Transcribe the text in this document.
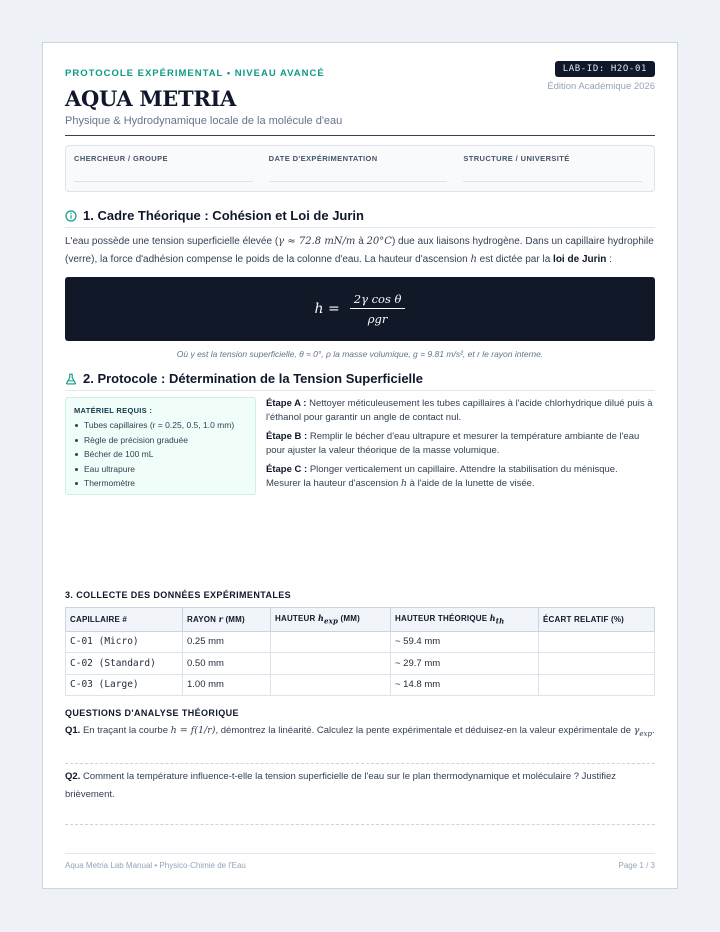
PROTOCOLE EXPÉRIMENTAL • NIVEAU AVANCÉ
AQUA METRIA
Physique & Hydrodynamique locale de la molécule d'eau
LAB-ID: H2O-01
Édition Académique 2026
CHERCHEUR / GROUPE	DATE D'EXPÉRIMENTATION	STRUCTURE / UNIVERSITÉ
1. Cadre Théorique : Cohésion et Loi de Jurin
L'eau possède une tension superficielle élevée (γ ≈ 72.8 mN/m à 20°C) due aux liaisons hydrogène. Dans un capillaire hydrophile (verre), la force d'adhésion compense le poids de la colonne d'eau. La hauteur d'ascension h est dictée par la loi de Jurin :
$h = \frac{\text{2γ cos θ}}{\text{ρgr}}$
Où γ est la tension superficielle, θ ≈ 0°, ρ la masse volumique, g = 9.81 m/s², et r le rayon interne.
2. Protocole : Détermination de la Tension Superficielle
MATÉRIEL REQUIS :
Tubes capillaires (r = 0.25, 0.5, 1.0 mm)
Règle de précision graduée
Bécher de 100 mL
Eau ultrapure
Thermomètre
Étape A : Nettoyer méticuleusement les tubes capillaires à l'acide chlorhydrique dilué puis à l'éthanol pour garantir un angle de contact nul.
Étape B : Remplir le bécher d'eau ultrapure et mesurer la température ambiante de l'eau pour ajuster la valeur théorique de la masse volumique.
Étape C : Plonger verticalement un capillaire. Attendre la stabilisation du ménisque. Mesurer la hauteur d'ascension h à l'aide de la lunette de visée.
3. COLLECTE DES DONNÉES EXPÉRIMENTALES
CAPILLAIRE #	RAYON r (MM)	HAUTEUR $h_{exp}$ (MM)	HAUTEUR THÉORIQUE $h_{th}$	ÉCART RELATIF (%)
C-01 (Micro)	0.25 mm		~ 59.4 mm	
C-02 (Standard)	0.50 mm		~ 29.7 mm	
C-03 (Large)	1.00 mm		~ 14.8 mm	
QUESTIONS D'ANALYSE THÉORIQUE
Q1. En traçant la courbe h = f(1/r), démontrez la linéarité. Calculez la pente expérimentale et déduisez-en la valeur expérimentale de $\gamma_{exp}$.
Q2. Comment la température influence-t-elle la tension superficielle de l'eau sur le plan thermodynamique et moléculaire ? Justifiez brièvement.
Aqua Metria Lab Manual • Physico-Chimie de l'Eau	Page 1 / 3
